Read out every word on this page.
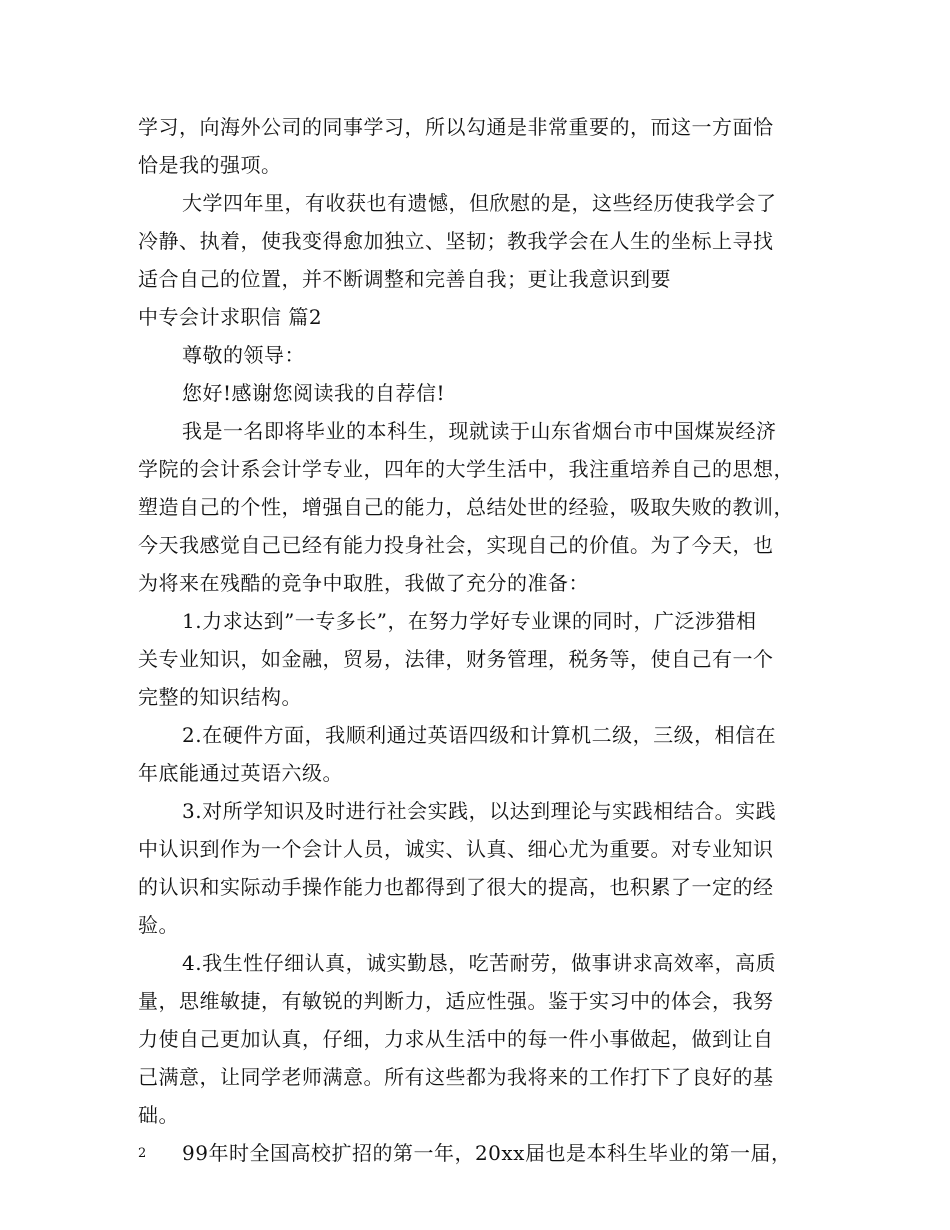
学习，向海外公司的同事学习，所以勾通是非常重要的，而这一方面恰
恰是我的强项。
大学四年里，有收获也有遗憾，但欣慰的是，这些经历使我学会了
冷静、执着，使我变得愈加独立、坚韧；教我学会在人生的坐标上寻找
适合自己的位置，并不断调整和完善自我；更让我意识到要
中专会计求职信 篇2
尊敬的领导：
您好!感谢您阅读我的自荐信!
我是一名即将毕业的本科生，现就读于山东省烟台市中国煤炭经济
学院的会计系会计学专业，四年的大学生活中，我注重培养自己的思想，
塑造自己的个性，增强自己的能力，总结处世的经验，吸取失败的教训，
今天我感觉自己已经有能力投身社会，实现自己的价值。为了今天，也
为将来在残酷的竞争中取胜，我做了充分的准备：
1.力求达到”一专多长”，在努力学好专业课的同时，广泛涉猎相
关专业知识，如金融，贸易，法律，财务管理，税务等，使自己有一个
完整的知识结构。
2.在硬件方面，我顺利通过英语四级和计算机二级，三级，相信在
年底能通过英语六级。
3.对所学知识及时进行社会实践，以达到理论与实践相结合。实践
中认识到作为一个会计人员，诚实、认真、细心尤为重要。对专业知识
的认识和实际动手操作能力也都得到了很大的提高，也积累了一定的经
验。
4.我生性仔细认真，诚实勤恳，吃苦耐劳，做事讲求高效率，高质
量，思维敏捷，有敏锐的判断力，适应性强。鉴于实习中的体会，我努
力使自己更加认真，仔细，力求从生活中的每一件小事做起，做到让自
己满意，让同学老师满意。所有这些都为我将来的工作打下了良好的基
础。
99年时全国高校扩招的第一年，20xx届也是本科生毕业的第一届，
2
